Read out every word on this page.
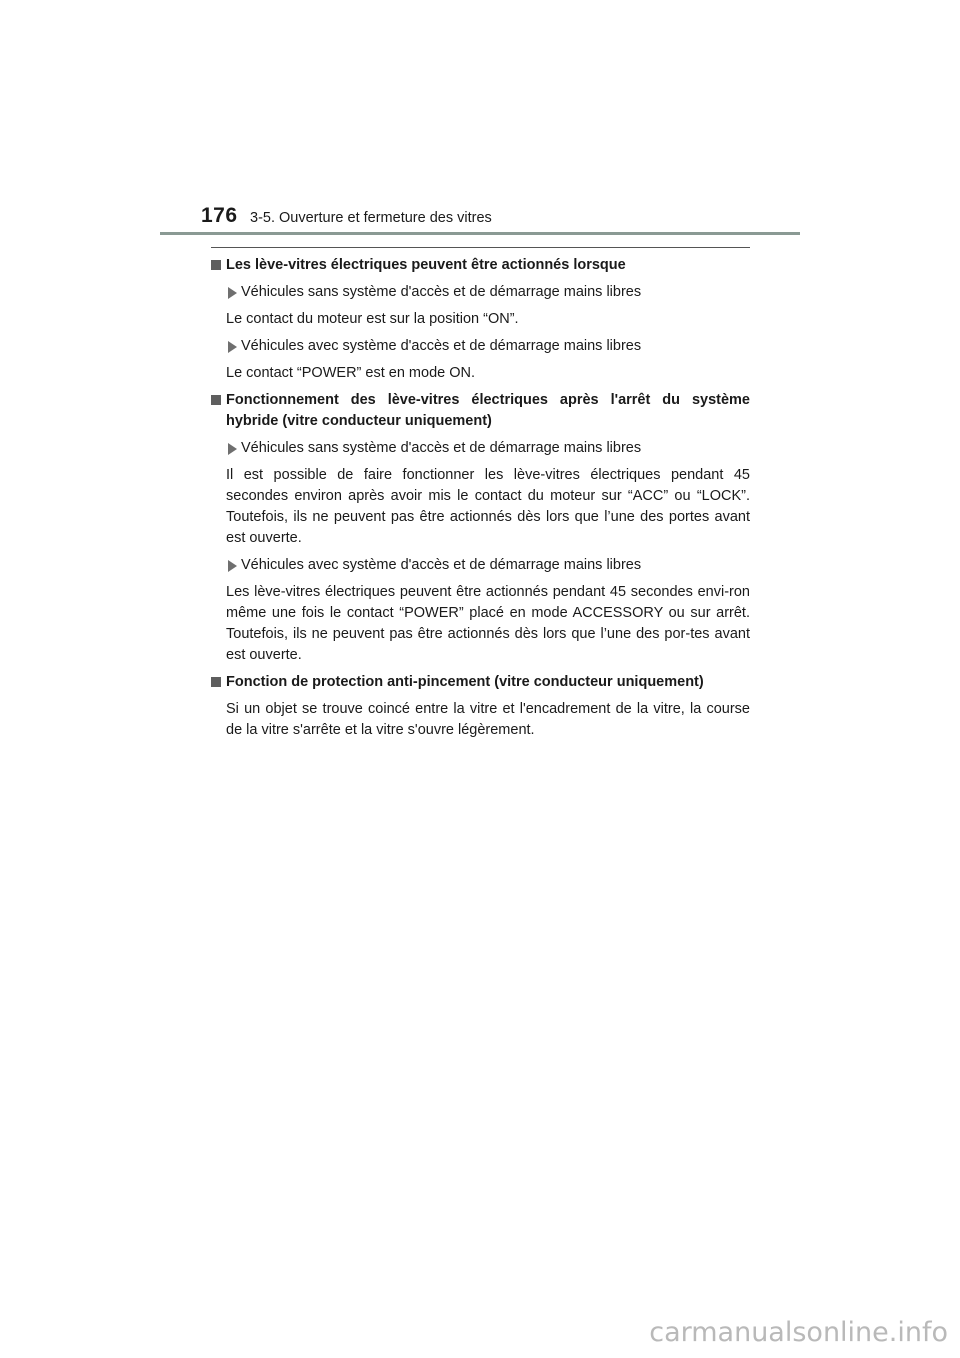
176 3-5. Ouverture et fermeture des vitres
Les lève-vitres électriques peuvent être actionnés lorsque
Véhicules sans système d'accès et de démarrage mains libres
Le contact du moteur est sur la position “ON”.
Véhicules avec système d'accès et de démarrage mains libres
Le contact “POWER” est en mode ON.
Fonctionnement des lève-vitres électriques après l'arrêt du système hybride (vitre conducteur uniquement)
Véhicules sans système d'accès et de démarrage mains libres
Il est possible de faire fonctionner les lève-vitres électriques pendant 45 secondes environ après avoir mis le contact du moteur sur “ACC” ou “LOCK”. Toutefois, ils ne peuvent pas être actionnés dès lors que l’une des portes avant est ouverte.
Véhicules avec système d'accès et de démarrage mains libres
Les lève-vitres électriques peuvent être actionnés pendant 45 secondes envi-ron même une fois le contact “POWER” placé en mode ACCESSORY ou sur arrêt. Toutefois, ils ne peuvent pas être actionnés dès lors que l’une des por-tes avant est ouverte.
Fonction de protection anti-pincement (vitre conducteur uniquement)
Si un objet se trouve coincé entre la vitre et l'encadrement de la vitre, la course de la vitre s'arrête et la vitre s'ouvre légèrement.
carmanualsonline.info
